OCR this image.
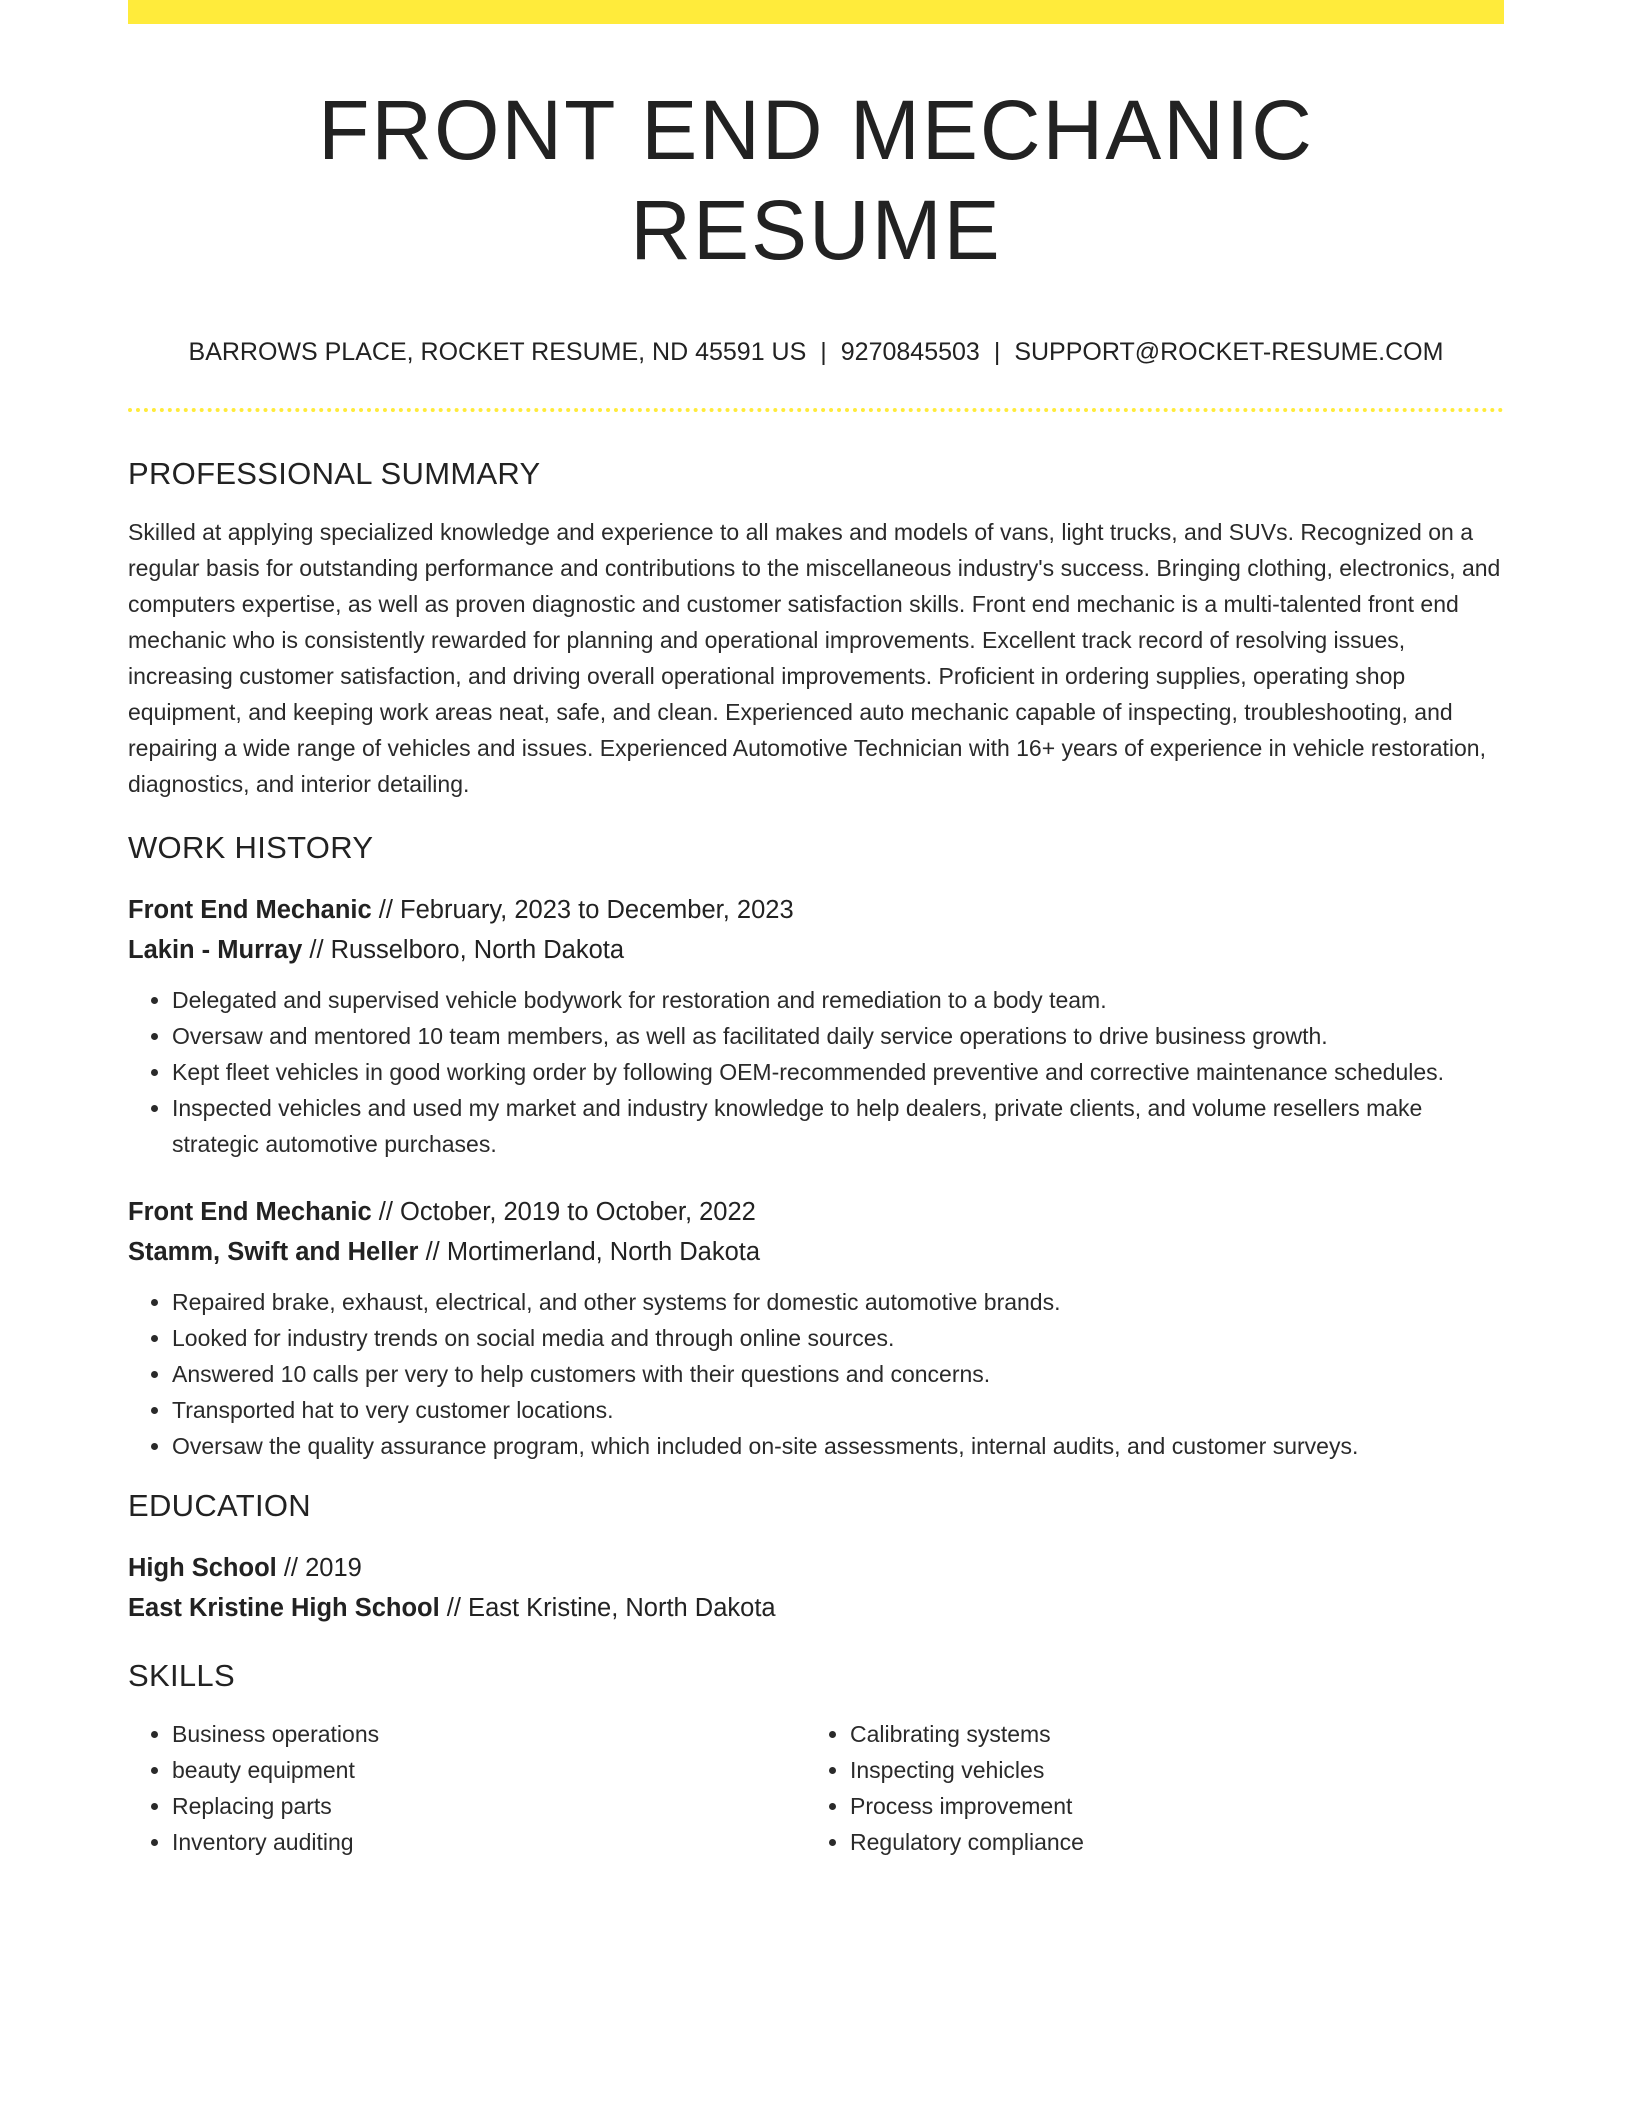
FRONT END MECHANIC RESUME
BARROWS PLACE, ROCKET RESUME, ND 45591 US | 9270845503 | SUPPORT@ROCKET-RESUME.COM
PROFESSIONAL SUMMARY

Skilled at applying specialized knowledge and experience to all makes and models of vans, light trucks, and SUVs. Recognized on a regular basis for outstanding performance and contributions to the miscellaneous industry's success. Bringing clothing, electronics, and computers expertise, as well as proven diagnostic and customer satisfaction skills. Front end mechanic is a multi-talented front end mechanic who is consistently rewarded for planning and operational improvements. Excellent track record of resolving issues, increasing customer satisfaction, and driving overall operational improvements. Proficient in ordering supplies, operating shop equipment, and keeping work areas neat, safe, and clean. Experienced auto mechanic capable of inspecting, troubleshooting, and repairing a wide range of vehicles and issues. Experienced Automotive Technician with 16+ years of experience in vehicle restoration, diagnostics, and interior detailing.

WORK HISTORY
Front End Mechanic // February, 2023 to December, 2023
Lakin - Murray // Russelboro, North Dakota
• Delegated and supervised vehicle bodywork for restoration and remediation to a body team.
• Oversaw and mentored 10 team members, as well as facilitated daily service operations to drive business growth.
• Kept fleet vehicles in good working order by following OEM-recommended preventive and corrective maintenance schedules.
• Inspected vehicles and used my market and industry knowledge to help dealers, private clients, and volume resellers make strategic automotive purchases.
Front End Mechanic // October, 2019 to October, 2022
Stamm, Swift and Heller // Mortimerland, North Dakota
• Repaired brake, exhaust, electrical, and other systems for domestic automotive brands.
• Looked for industry trends on social media and through online sources.
• Answered 10 calls per very to help customers with their questions and concerns.
• Transported hat to very customer locations.
• Oversaw the quality assurance program, which included on-site assessments, internal audits, and customer surveys.
EDUCATION
High School // 2019
East Kristine High School // East Kristine, North Dakota
SKILLS
• Business operations
• beauty equipment
• Replacing parts
• Inventory auditing
• Calibrating systems
• Inspecting vehicles
• Process improvement
• Regulatory compliance
